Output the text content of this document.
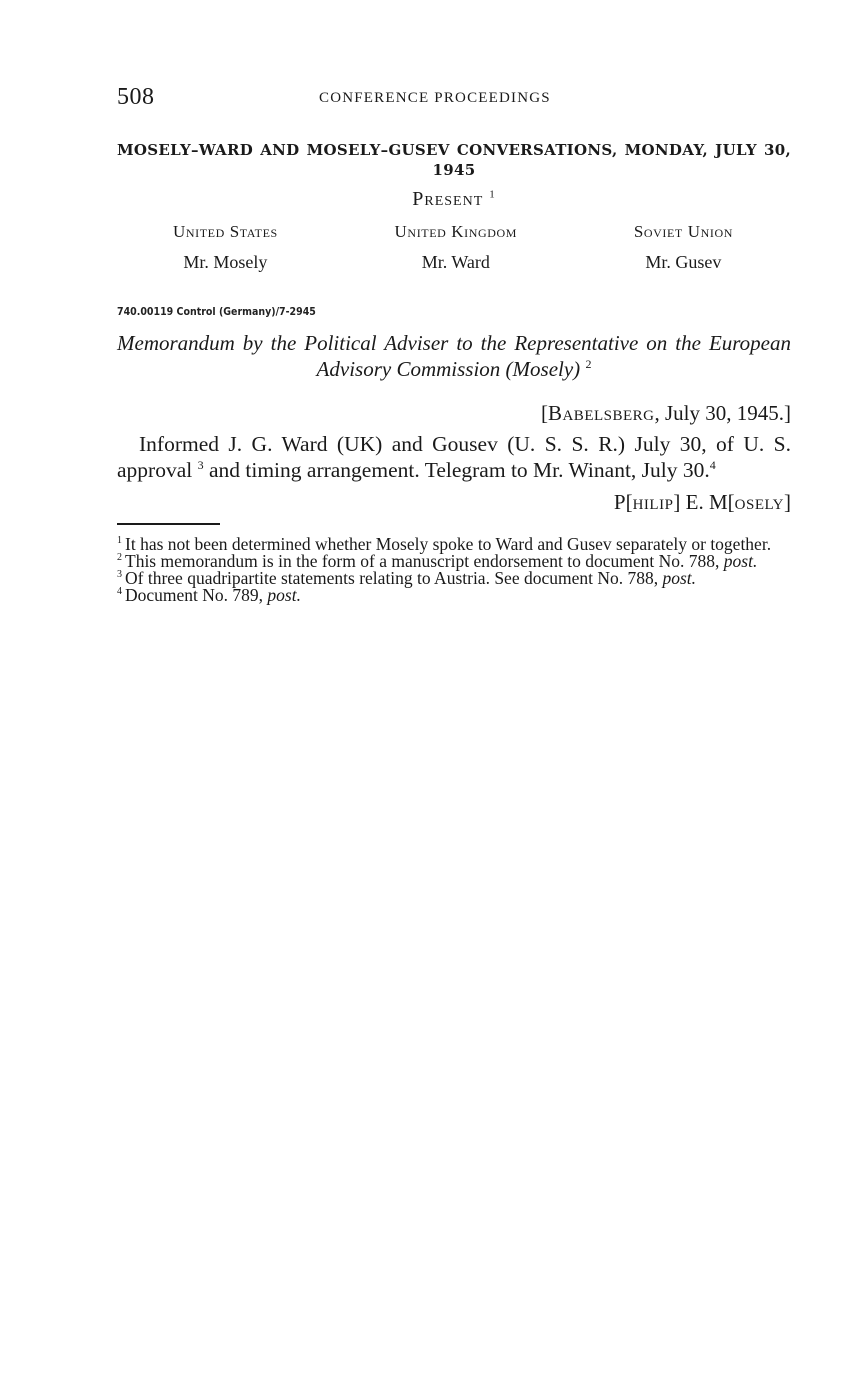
508	CONFERENCE PROCEEDINGS
MOSELY–WARD AND MOSELY–GUSEV CONVERSATIONS, MONDAY, JULY 30, 1945
Present $^1$
United States
Mr. Mosely
United Kingdom
Mr. Ward
Soviet Union
Mr. Gusev
740.00119 Control (Germany)/7-2945
Memorandum by the Political Adviser to the Representative on the European Advisory Commission (Mosely) $^2$
[Babelsberg, July 30, 1945.]
Informed J. G. Ward (UK) and Gousev (U. S. S. R.) July 30, of U. S. approval $^3$ and timing arrangement. Telegram to Mr. Winant, July 30.$^4$
P[hilip] E. M[osely]
$^1$ It has not been determined whether Mosely spoke to Ward and Gusev separately or together.
$^2$ This memorandum is in the form of a manuscript endorsement to document No. 788, post.
$^3$ Of three quadripartite statements relating to Austria. See document No. 788, post.
$^4$ Document No. 789, post.
